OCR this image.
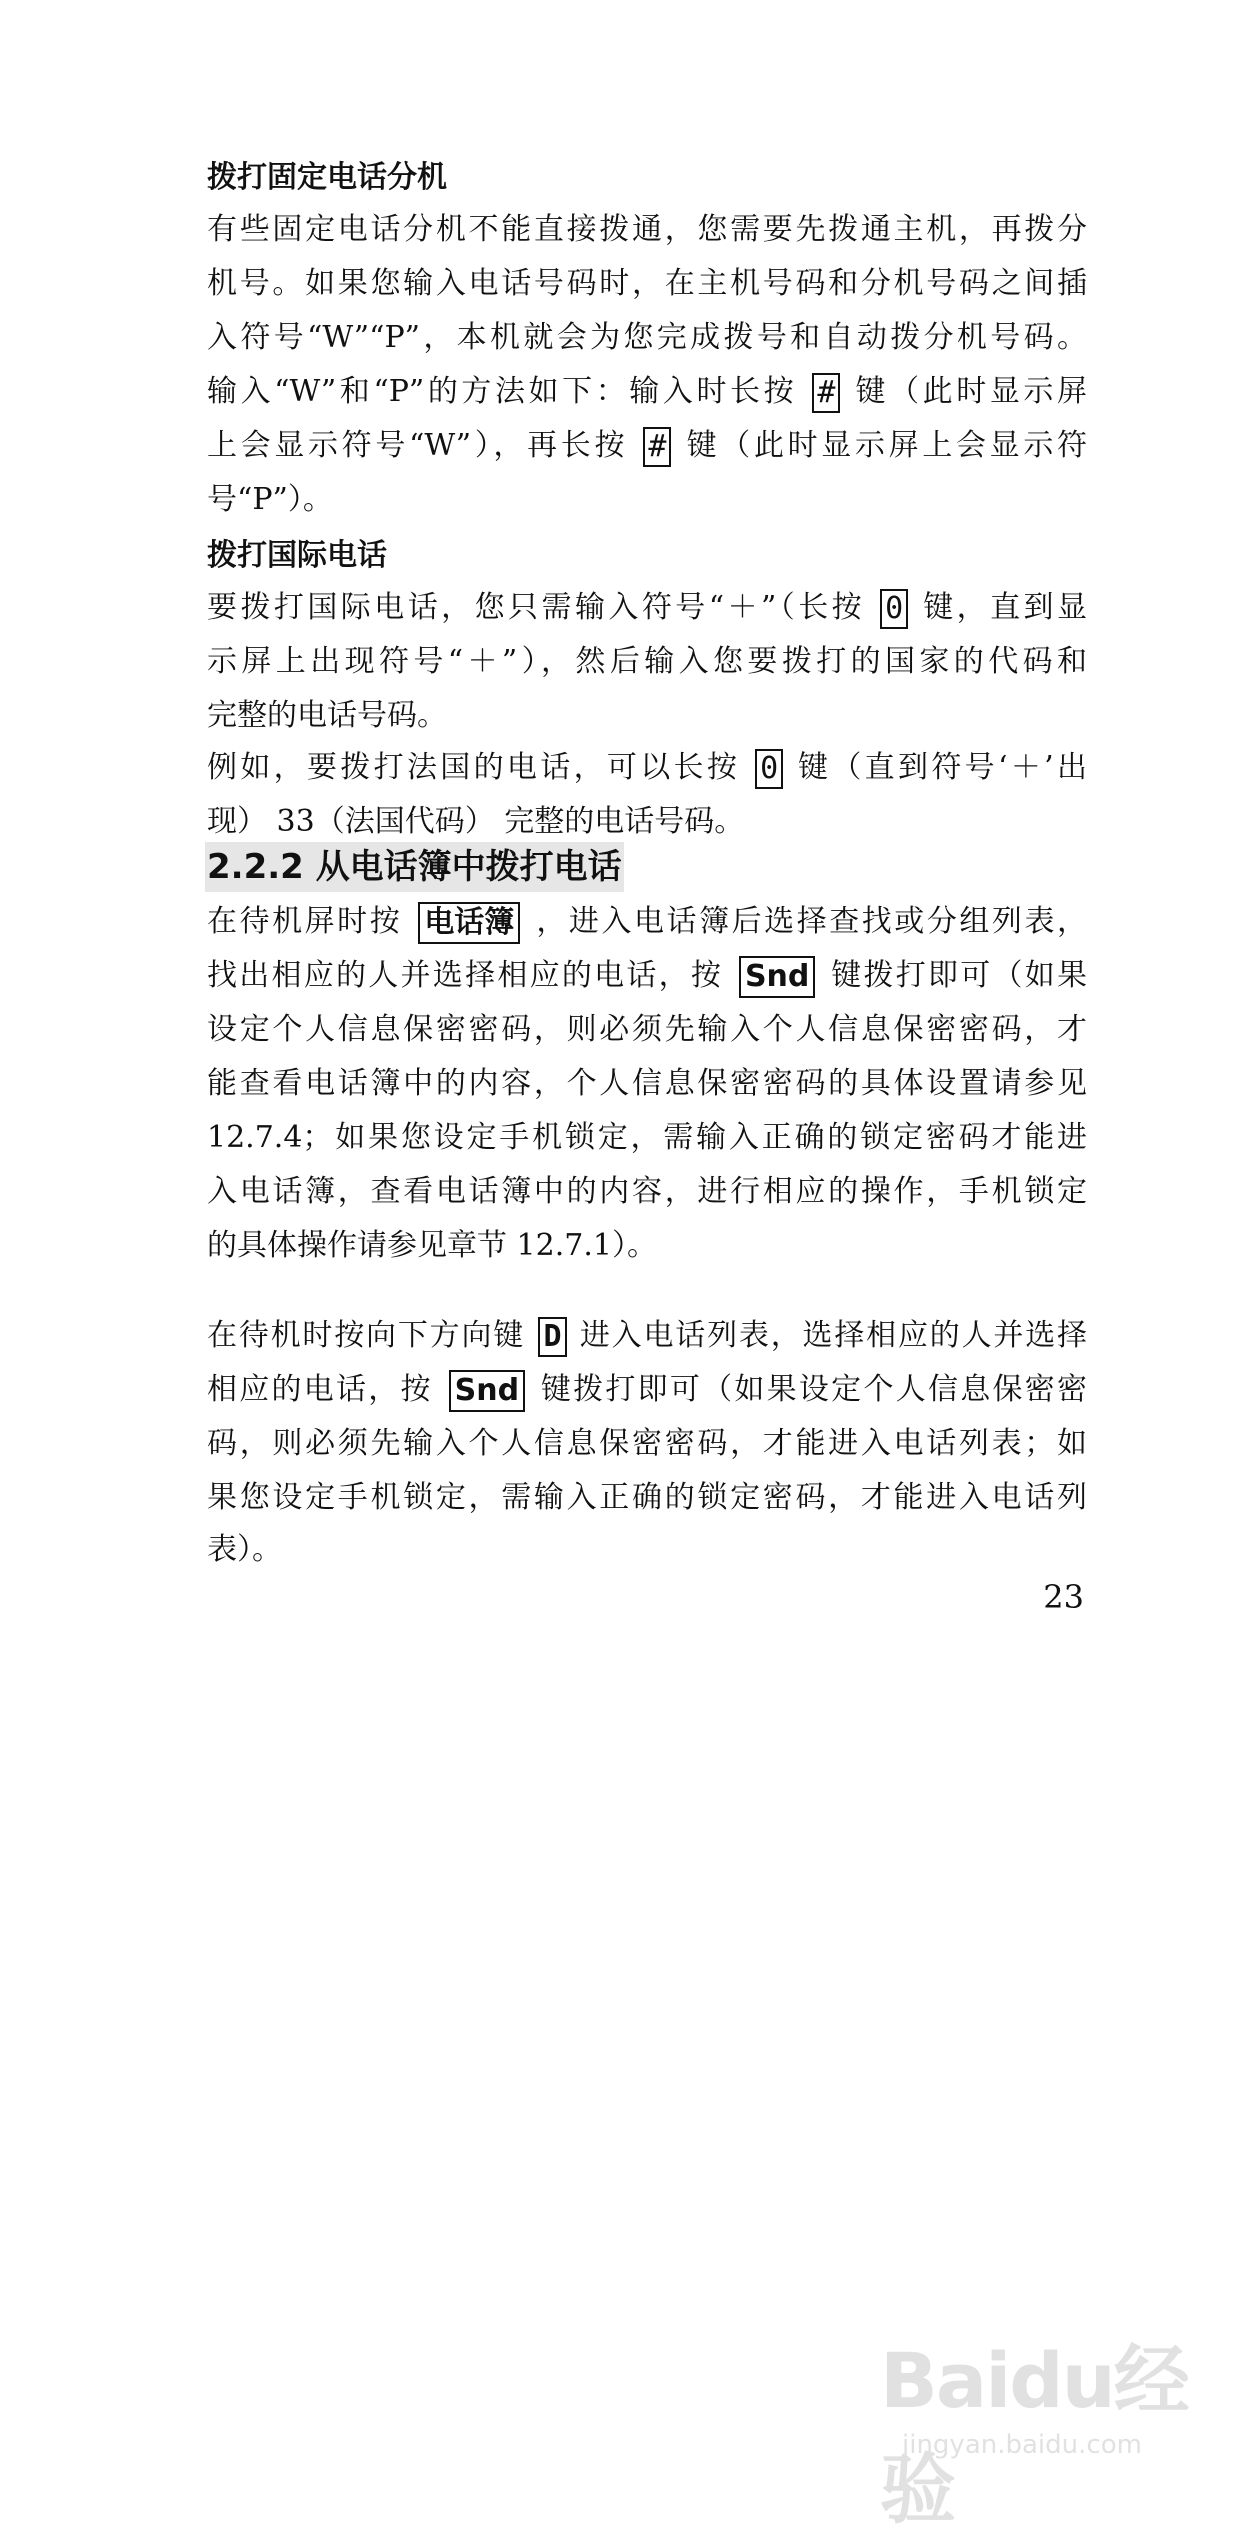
拨打固定电话分机
有些固定电话分机不能直接拨通，您需要先拨通主机，再拨分
机号。如果您输入电话号码时，在主机号码和分机号码之间插
入符号“W”“P”，本机就会为您完成拨号和自动拨分机号码。
输入“W”和“P”的方法如下：输入时长按 # 键（此时显示屏
上会显示符号“W”），再长按 # 键（此时显示屏上会显示符
号“P”）。
拨打国际电话
要拨打国际电话，您只需输入符号“＋”（长按 0 键，直到显
示屏上出现符号“＋”），然后输入您要拨打的国家的代码和
完整的电话号码。
例如，要拨打法国的电话，可以长按 0 键（直到符号‘＋’出
2.2.2 从电话簿中拨打电话
在待机屏时按 电话簿 ，进入电话簿后选择查找或分组列表，
找出相应的人并选择相应的电话，按 Snd 键拨打即可（如果
设定个人信息保密密码，则必须先输入个人信息保密密码，才
能查看电话簿中的内容，个人信息保密密码的具体设置请参见
12.7.4；如果您设定手机锁定，需输入正确的锁定密码才能进
入电话簿，查看电话簿中的内容，进行相应的操作，手机锁定
的具体操作请参见章节 12.7.1）。
在待机时按向下方向键 D 进入电话列表，选择相应的人并选择
相应的电话，按 Snd 键拨打即可（如果设定个人信息保密密
码，则必须先输入个人信息保密密码，才能进入电话列表；如
果您设定手机锁定，需输入正确的锁定密码，才能进入电话列
表）。
23
Baidu经验
jingyan.baidu.com
现） 33（法国代码） 完整的电话号码。
